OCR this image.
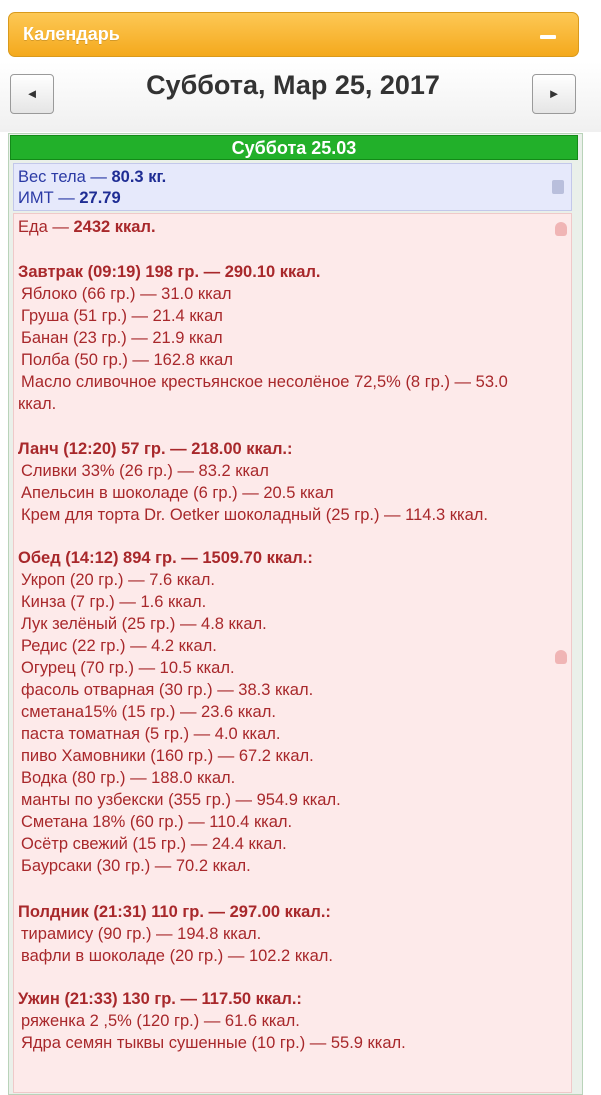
Календарь
◄	Суббота, Мар 25, 2017	►
Суббота 25.03
Вес тела — 80.3 кг.
ИМТ — 27.79
Еда — 2432 ккал.
Завтрак (09:19) 198 гр. — 290.10 ккал.
Яблоко (66 гр.) — 31.0 ккал
Груша (51 гр.) — 21.4 ккал
Банан (23 гр.) — 21.9 ккал
Полба (50 гр.) — 162.8 ккал
Масло сливочное крестьянское несолёное 72,5% (8 гр.) — 53.0
ккал.
Ланч (12:20) 57 гр. — 218.00 ккал.:
Сливки 33% (26 гр.) — 83.2 ккал
Апельсин в шоколаде (6 гр.) — 20.5 ккал
Крем для торта Dr. Oetker шоколадный (25 гр.) — 114.3 ккал.
Обед (14:12) 894 гр. — 1509.70 ккал.:
Укроп (20 гр.) — 7.6 ккал.
Кинза (7 гр.) — 1.6 ккал.
Лук зелёный (25 гр.) — 4.8 ккал.
Редис (22 гр.) — 4.2 ккал.
Огурец (70 гр.) — 10.5 ккал.
фасоль отварная (30 гр.) — 38.3 ккал.
сметана15% (15 гр.) — 23.6 ккал.
паста томатная (5 гр.) — 4.0 ккал.
пиво Хамовники (160 гр.) — 67.2 ккал.
Водка (80 гр.) — 188.0 ккал.
манты по узбекски (355 гр.) — 954.9 ккал.
Сметана 18% (60 гр.) — 110.4 ккал.
Осётр свежий (15 гр.) — 24.4 ккал.
Баурсаки (30 гр.) — 70.2 ккал.
Полдник (21:31) 110 гр. — 297.00 ккал.:
тирамису (90 гр.) — 194.8 ккал.
вафли в шоколаде (20 гр.) — 102.2 ккал.
Ужин (21:33) 130 гр. — 117.50 ккал.:
ряженка 2 ,5% (120 гр.) — 61.6 ккал.
Ядра семян тыквы сушенные (10 гр.) — 55.9 ккал.
